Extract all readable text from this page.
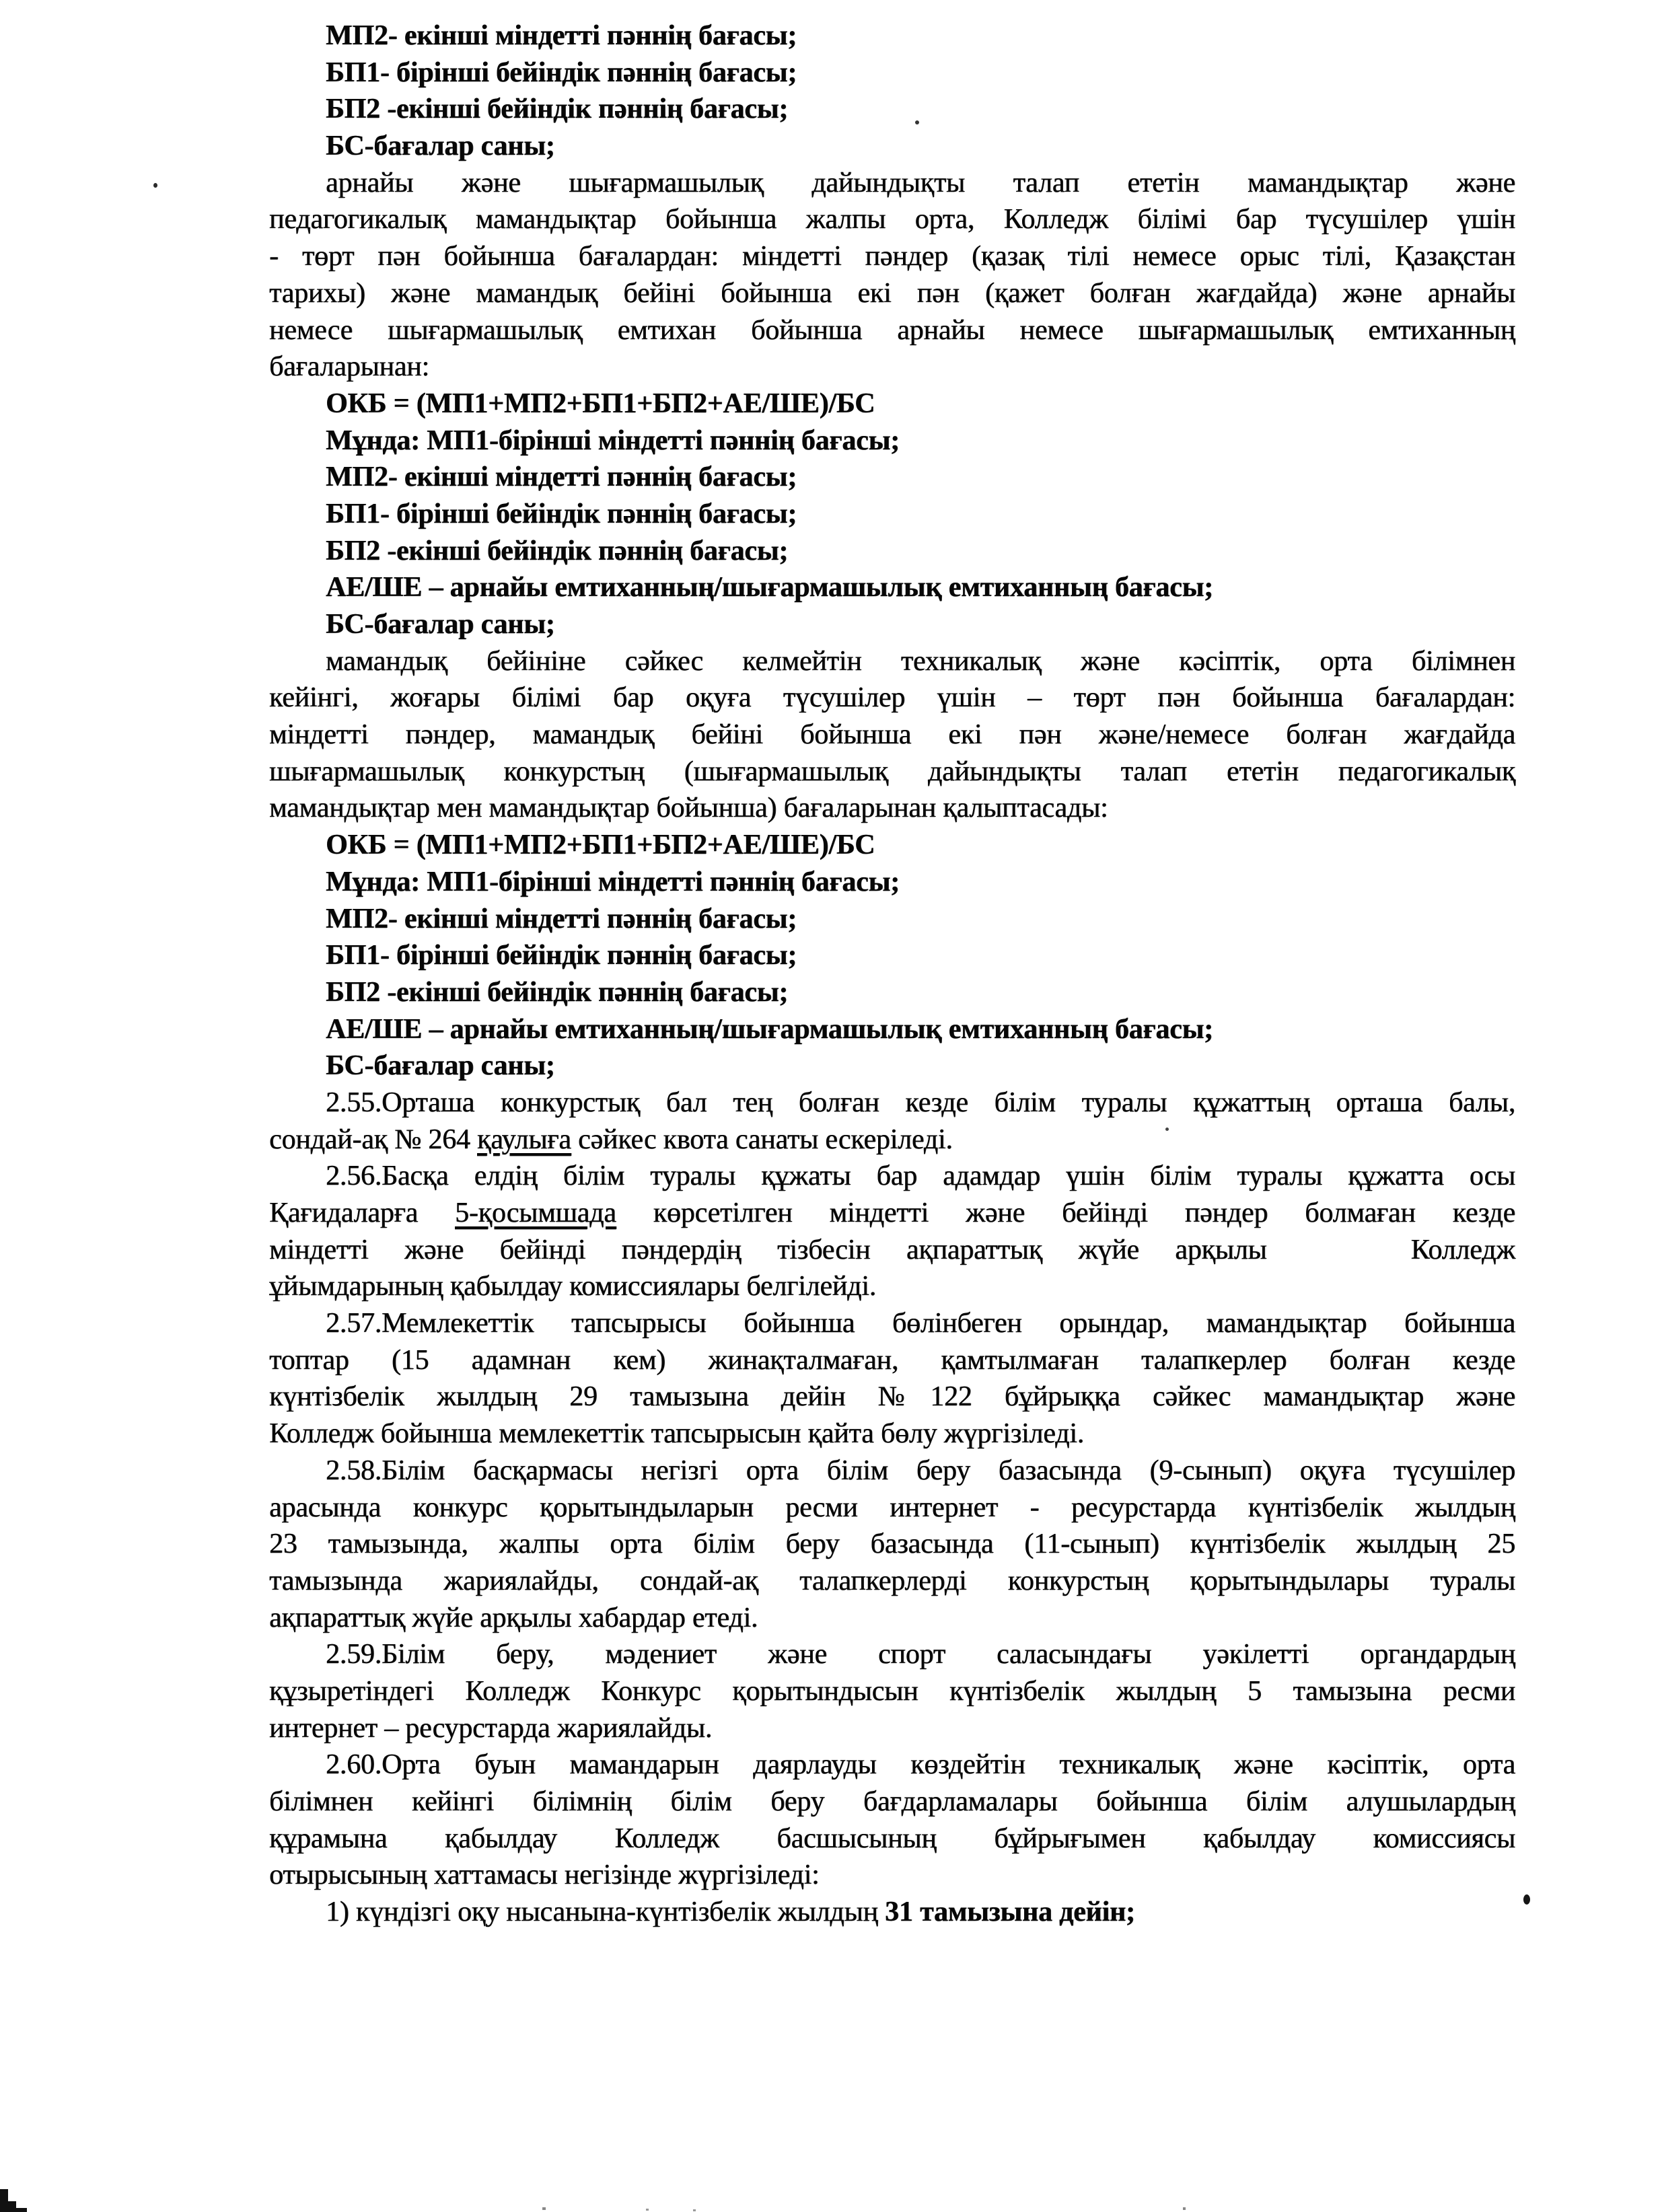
МП2- екінші міндетті пәннің бағасы;
БП1- бірінші бейіндік пәннің бағасы;
БП2 -екінші бейіндік пәннің бағасы;
БС-бағалар саны;
арнайы және шығармашылық дайындықты талап ететін мамандықтар және
педагогикалық мамандықтар бойынша жалпы орта, Колледж білімі бар түсушілер үшін
- төрт пән бойынша бағалардан: міндетті пәндер (қазақ тілі немесе орыс тілі, Қазақстан
тарихы) және мамандық бейіні бойынша екі пән (қажет болған жағдайда) және арнайы
немесе шығармашылық емтихан бойынша арнайы немесе шығармашылық емтиханның
бағаларынан:
ОКБ = (МП1+МП2+БП1+БП2+АЕ/ШЕ)/БС
Мұнда: МП1-бірінші міндетті пәннің бағасы;
МП2- екінші міндетті пәннің бағасы;
БП1- бірінші бейіндік пәннің бағасы;
БП2 -екінші бейіндік пәннің бағасы;
АЕ/ШЕ – арнайы емтиханның/шығармашылық емтиханның бағасы;
БС-бағалар саны;
мамандық бейініне сәйкес келмейтін техникалық және кәсіптік, орта білімнен
кейінгі, жоғары білімі бар оқуға түсушілер үшін – төрт пән бойынша бағалардан:
міндетті пәндер, мамандық бейіні бойынша екі пән және/немесе болған жағдайда
шығармашылық конкурстың (шығармашылық дайындықты талап ететін педагогикалық
мамандықтар мен мамандықтар бойынша) бағаларынан қалыптасады:
ОКБ = (МП1+МП2+БП1+БП2+АЕ/ШЕ)/БС
Мұнда: МП1-бірінші міндетті пәннің бағасы;
МП2- екінші міндетті пәннің бағасы;
БП1- бірінші бейіндік пәннің бағасы;
БП2 -екінші бейіндік пәннің бағасы;
АЕ/ШЕ – арнайы емтиханның/шығармашылық емтиханның бағасы;
БС-бағалар саны;
2.55.Орташа конкурстық бал тең болған кезде білім туралы құжаттың орташа балы,
сондай-ақ № 264 қаулыға сәйкес квота санаты ескеріледі.
2.56.Басқа елдің білім туралы құжаты бар адамдар үшін білім туралы құжатта осы
Қағидаларға 5-қосымшада көрсетілген міндетті және бейінді пәндер болмаған кезде
міндетті және бейінді пәндердің тізбесін ақпараттық жүйе арқылы    Колледж
ұйымдарының қабылдау комиссиялары белгілейді.
2.57.Мемлекеттік тапсырысы бойынша бөлінбеген орындар, мамандықтар бойынша
топтар (15 адамнан кем) жинақталмаған, қамтылмаған талапкерлер болған кезде
күнтізбелік жылдың 29 тамызына дейін №122 бұйрыққа сәйкес мамандықтар және
Колледж бойынша мемлекеттік тапсырысын қайта бөлу жүргізіледі.
2.58.Білім басқармасы негізгі орта білім беру базасында (9-сынып) оқуға түсушілер
арасында конкурс қорытындыларын ресми интернет - ресурстарда күнтізбелік жылдың
23 тамызында, жалпы орта білім беру базасында (11-сынып) күнтізбелік жылдың 25
тамызында жариялайды, сондай-ақ талапкерлерді конкурстың қорытындылары туралы
ақпараттық жүйе арқылы хабардар етеді.
2.59.Білім беру, мәдениет және спорт саласындағы уәкілетті органдардың
құзыретіндегі Колледж Конкурс қорытындысын күнтізбелік жылдың 5 тамызына ресми
интернет – ресурстарда жариялайды.
2.60.Орта буын мамандарын даярлауды көздейтін техникалық және кәсіптік, орта
білімнен кейінгі білімнің білім беру бағдарламалары бойынша білім алушылардың
құрамына қабылдау Колледж басшысының бұйрығымен қабылдау комиссиясы
отырысының хаттамасы негізінде жүргізіледі:
1) күндізгі оқу нысанына-күнтізбелік жылдың 31 тамызына дейін;
